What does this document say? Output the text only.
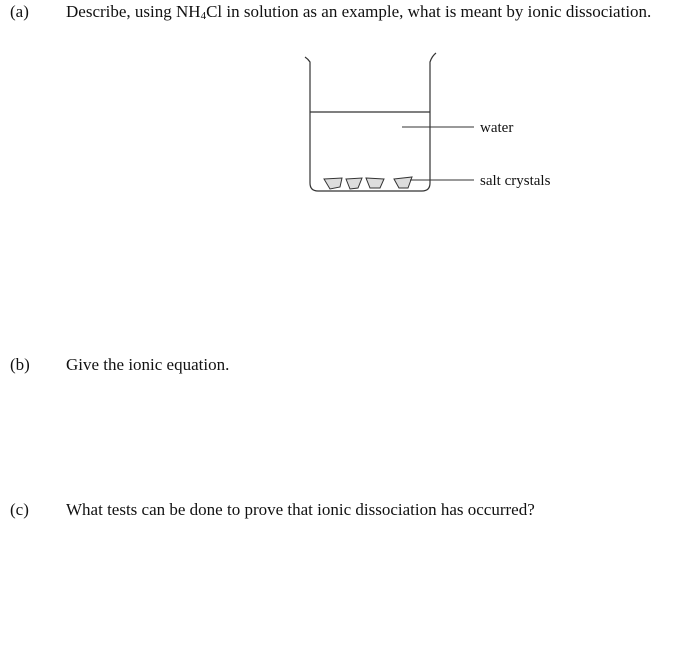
(a) Describe, using $NH_4Cl$ in solution as an example, what is meant by ionic dissociation.
water
salt crystals
(b) Give the ionic equation.
(c) What tests can be done to prove that ionic dissociation has occurred?
